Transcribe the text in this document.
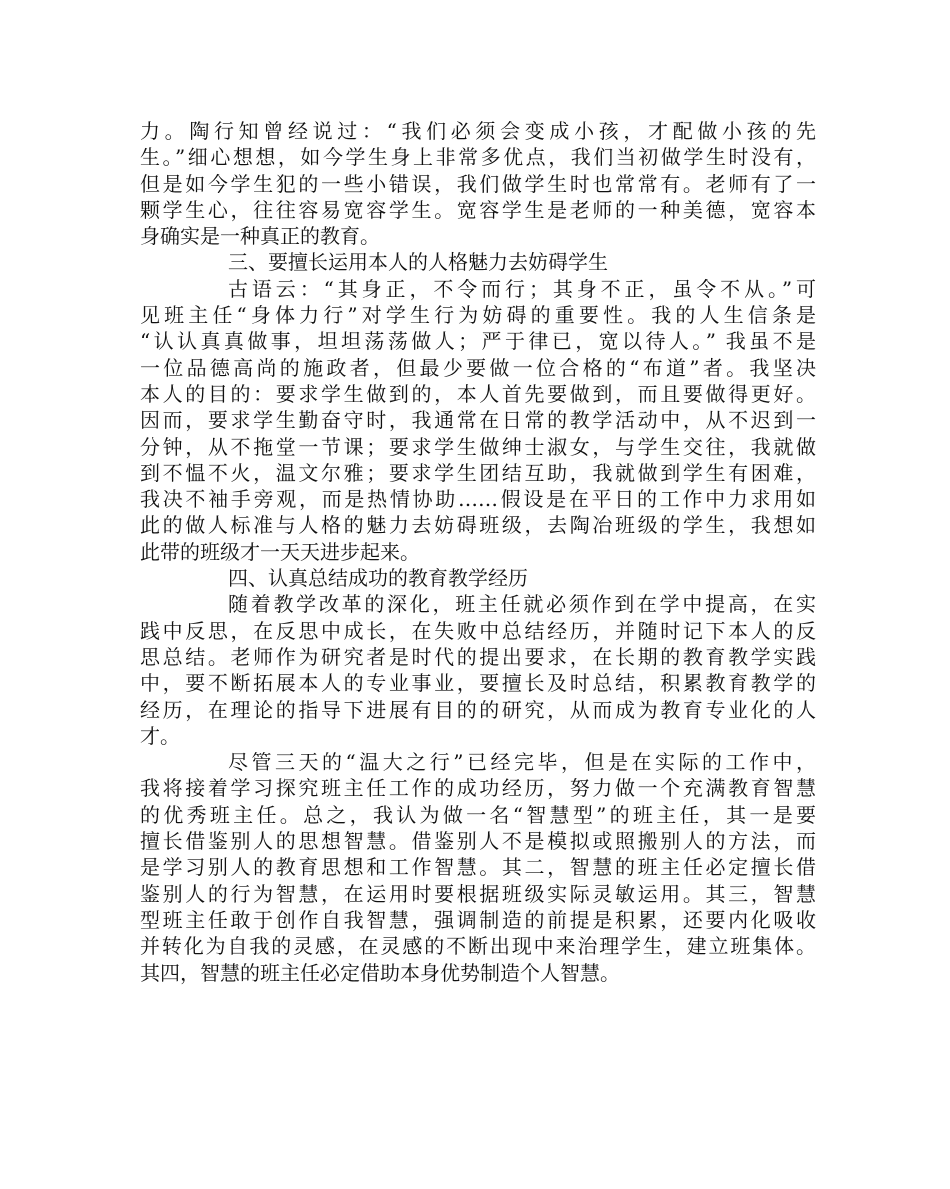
力。陶行知曾经说过：“我们必须会变成小孩，才配做小孩的先
生。”细心想想，如今学生身上非常多优点，我们当初做学生时没有，
但是如今学生犯的一些小错误，我们做学生时也常常有。老师有了一
颗学生心，往往容易宽容学生。宽容学生是老师的一种美德，宽容本
身确实是一种真正的教育。
三、要擅长运用本人的人格魅力去妨碍学生
古语云：“其身正，不令而行；其身不正，虽令不从。”可
见班主任“身体力行”对学生行为妨碍的重要性。我的人生信条是
“认认真真做事，坦坦荡荡做人；严于律已，宽以待人。” 我虽不是
一位品德高尚的施政者，但最少要做一位合格的“布道”者。我坚决
本人的目的：要求学生做到的，本人首先要做到，而且要做得更好。
因而，要求学生勤奋守时，我通常在日常的教学活动中，从不迟到一
分钟，从不拖堂一节课；要求学生做绅士淑女，与学生交往，我就做
到不愠不火，温文尔雅；要求学生团结互助，我就做到学生有困难，
我决不袖手旁观，而是热情协助……假设是在平日的工作中力求用如
此的做人标准与人格的魅力去妨碍班级，去陶冶班级的学生，我想如
此带的班级才一天天进步起来。
四、认真总结成功的教育教学经历
随着教学改革的深化，班主任就必须作到在学中提高，在实
践中反思，在反思中成长，在失败中总结经历，并随时记下本人的反
思总结。老师作为研究者是时代的提出要求，在长期的教育教学实践
中，要不断拓展本人的专业事业，要擅长及时总结，积累教育教学的
经历，在理论的指导下进展有目的的研究，从而成为教育专业化的人
才。
尽管三天的“温大之行”已经完毕，但是在实际的工作中，
我将接着学习探究班主任工作的成功经历，努力做一个充满教育智慧
的优秀班主任。总之，我认为做一名“智慧型”的班主任，其一是要
擅长借鉴别人的思想智慧。借鉴别人不是模拟或照搬别人的方法，而
是学习别人的教育思想和工作智慧。其二，智慧的班主任必定擅长借
鉴别人的行为智慧，在运用时要根据班级实际灵敏运用。其三，智慧
型班主任敢于创作自我智慧，强调制造的前提是积累，还要内化吸收
并转化为自我的灵感，在灵感的不断出现中来治理学生，建立班集体。
其四，智慧的班主任必定借助本身优势制造个人智慧。
